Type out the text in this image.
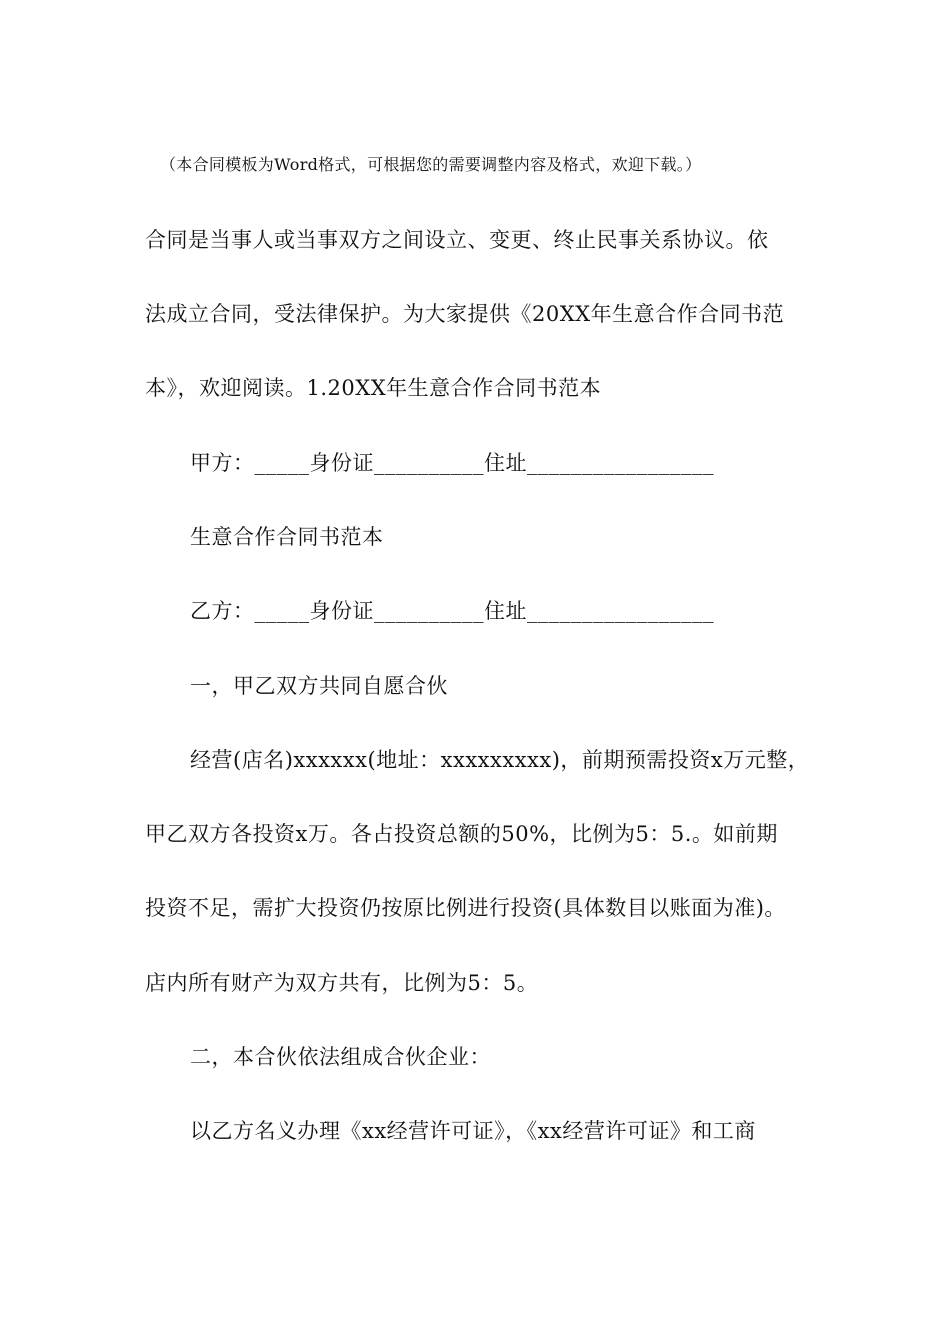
（本合同模板为Word格式，可根据您的需要调整内容及格式，欢迎下载。）
合同是当事人或当事双方之间设立、变更、终止民事关系协议。依
法成立合同，受法律保护。为大家提供《20XX年生意合作合同书范
本》，欢迎阅读。1.20XX年生意合作合同书范本
甲方：_____身份证__________住址_________________
生意合作合同书范本
乙方：_____身份证__________住址_________________
一，甲乙双方共同自愿合伙
经营(店名)xxxxxx(地址：xxxxxxxxx)，前期预需投资x万元整，
甲乙双方各投资x万。各占投资总额的50%，比例为5：5.。如前期
投资不足，需扩大投资仍按原比例进行投资(具体数目以账面为准)。
店内所有财产为双方共有，比例为5：5。
二，本合伙依法组成合伙企业：
以乙方名义办理《xx经营许可证》，《xx经营许可证》和工商
